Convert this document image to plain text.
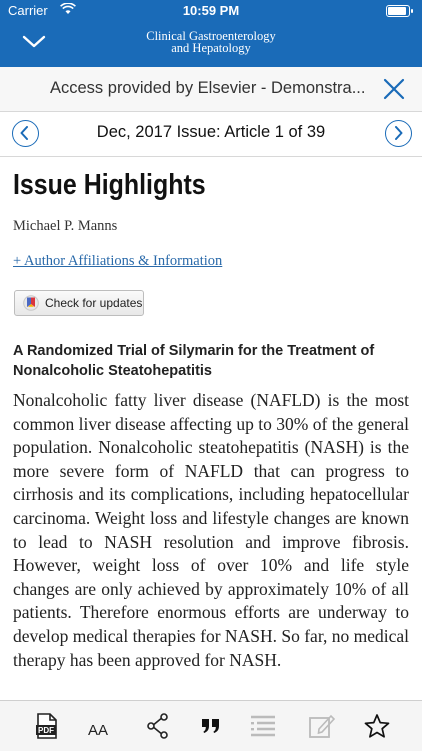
Carrier	10:59 PM
Clinical Gastroenterology
and Hepatology
Access provided by Elsevier - Demonstra...
Dec, 2017 Issue: Article 1 of 39
Issue Highlights
Michael P. Manns
+ Author Affiliations & Information
Check for updates
A Randomized Trial of Silymarin for the Treatment of Nonalcoholic Steatohepatitis

Nonalcoholic fatty liver disease (NAFLD) is the most common liver disease affecting up to 30% of the general population. Nonalcoholic steatohepatitis (NASH) is the more severe form of NAFLD that can progress to cirrhosis and its complications, including hepatocellular carcinoma. Weight loss and lifestyle changes are known to lead to NASH resolution and improve fibrosis. However, weight loss of over 10% and life style changes are only achieved by approximately 10% of all patients. Therefore enormous efforts are underway to develop medical therapies for NASH. So far, no medical therapy has been approved for NASH.

PDF AA
